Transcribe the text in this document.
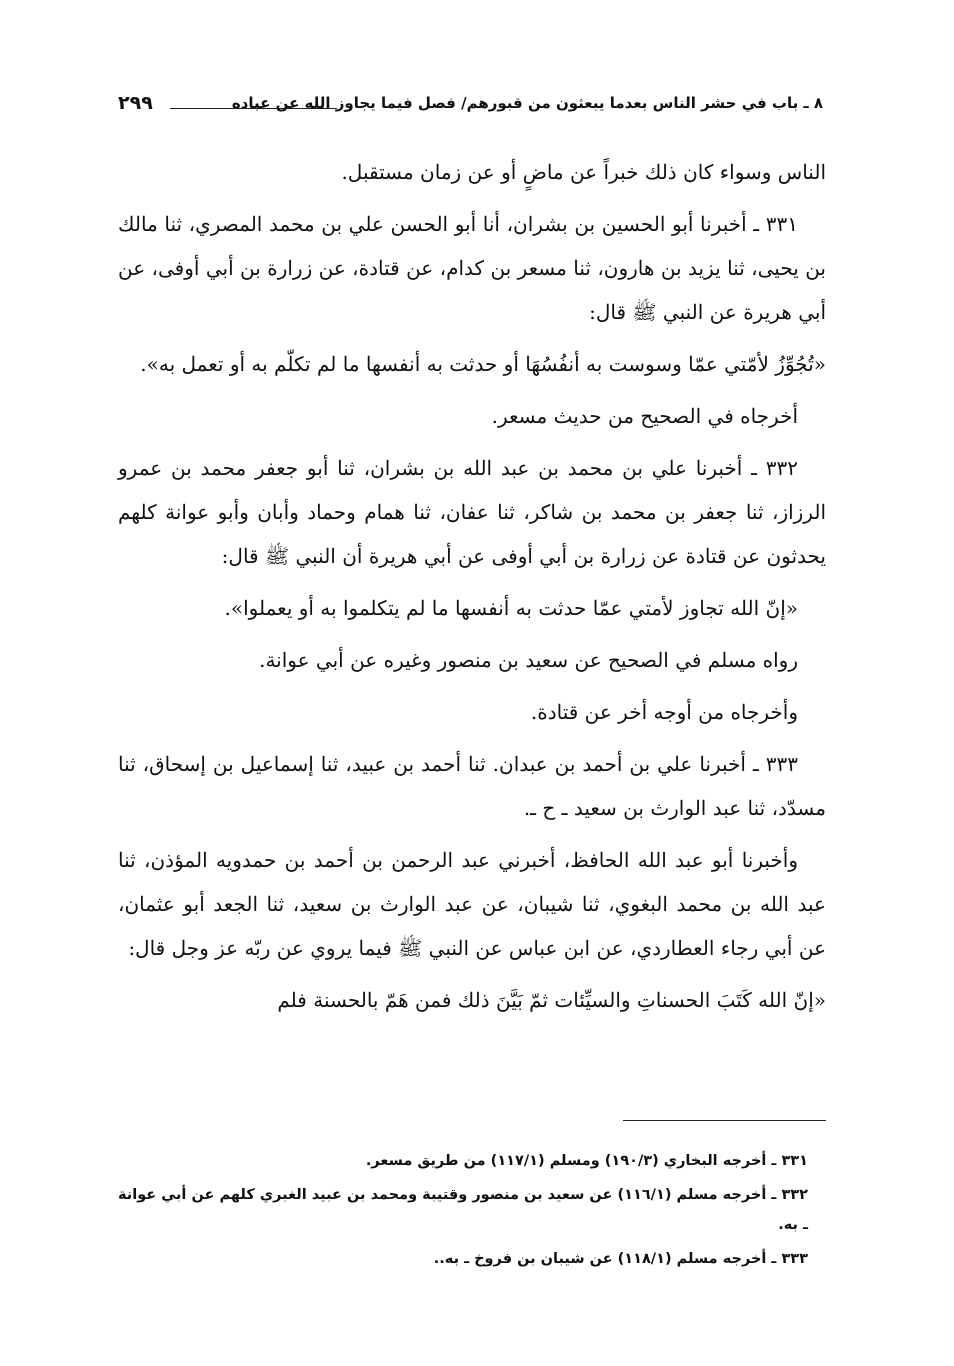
٨ ـ باب في حشر الناس بعدما يبعثون من قبورهم/ فصل فيما يجاوز الله عن عباده
٢٩٩

الناس وسواء كان ذلك خبراً عن ماضٍ أو عن زمان مستقبل.

٣٣١ ـ أخبرنا أبو الحسين بن بشران، أنا أبو الحسن علي بن محمد المصري، ثنا مالك بن يحيى، ثنا يزيد بن هارون، ثنا مسعر بن كدام، عن قتادة، عن زرارة بن أبي أوفى، عن أبي هريرة عن النبي ﷺ قال:

«تُجُوِّزُ لأمّتي عمّا وسوست به أنفُسُهَا أو حدثت به أنفسها ما لم تكلّم به أو تعمل به».

أخرجاه في الصحيح من حديث مسعر.

٣٣٢ ـ أخبرنا علي بن محمد بن عبد الله بن بشران، ثنا أبو جعفر محمد بن عمرو الرزاز، ثنا جعفر بن محمد بن شاكر، ثنا عفان، ثنا همام وحماد وأبان وأبو عوانة كلهم يحدثون عن قتادة عن زرارة بن أبي أوفى عن أبي هريرة أن النبي ﷺ قال:

«إنّ الله تجاوز لأمتي عمّا حدثت به أنفسها ما لم يتكلموا به أو يعملوا».

رواه مسلم في الصحيح عن سعيد بن منصور وغيره عن أبي عوانة.

وأخرجاه من أوجه أخر عن قتادة.

٣٣٣ ـ أخبرنا علي بن أحمد بن عبدان. ثنا أحمد بن عبيد، ثنا إسماعيل بن إسحاق، ثنا مسدّد، ثنا عبد الوارث بن سعيد ـ ح ـ.

وأخبرنا أبو عبد الله الحافظ، أخبرني عبد الرحمن بن أحمد بن حمدويه المؤذن، ثنا عبد الله بن محمد البغوي، ثنا شيبان، عن عبد الوارث بن سعيد، ثنا الجعد أبو عثمان، عن أبي رجاء العطاردي، عن ابن عباس عن النبي ﷺ فيما يروي عن ربّه عز وجل قال:

«إنّ الله كَتَبَ الحسناتِ والسيِّئات ثمّ بَيَّنَ ذلك فمن هَمّ بالحسنة فلم

٣٣١ ـ أخرجه البخاري (١٩٠/٣) ومسلم (١١٧/١) من طريق مسعر.

٣٣٢ ـ أخرجه مسلم (١١٦/١) عن سعيد بن منصور وقتيبة ومحمد بن عبيد الغبري كلهم عن أبي عوانة ـ به.

٣٣٣ ـ أخرجه مسلم (١١٨/١) عن شيبان بن فروخ ـ به..
